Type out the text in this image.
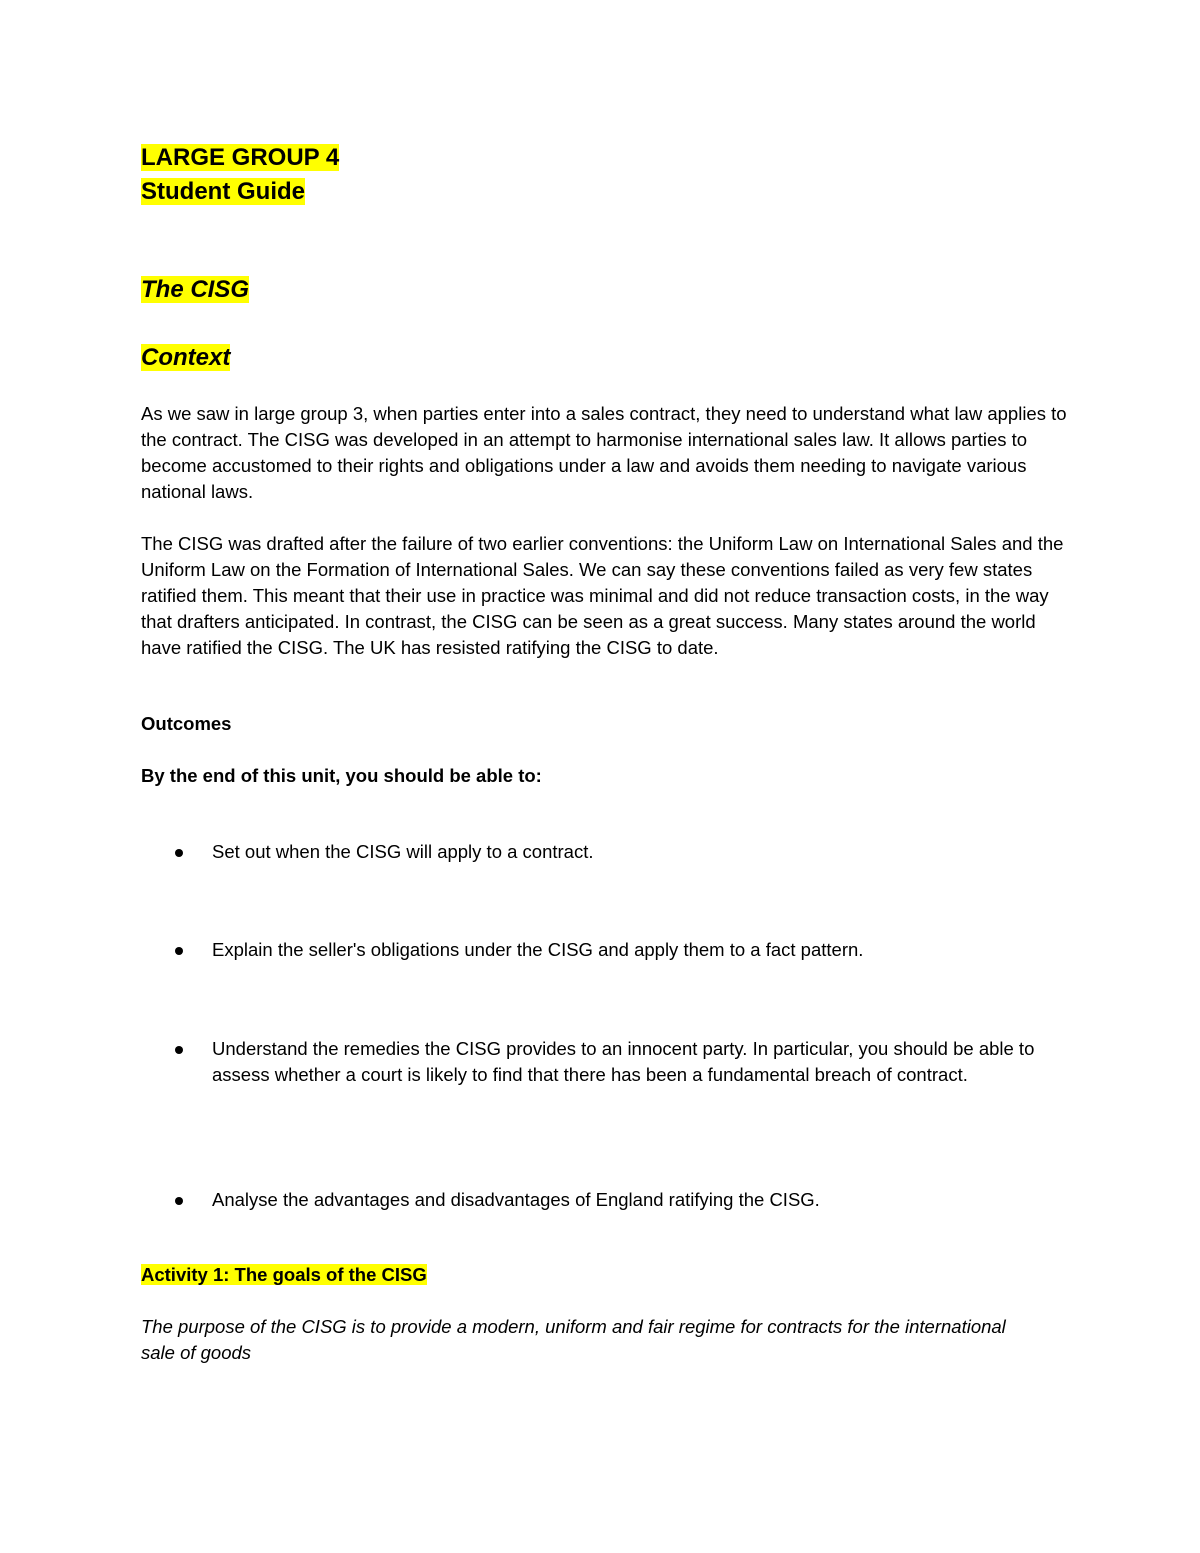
LARGE GROUP 4
Student Guide
The CISG
Context

As we saw in large group 3, when parties enter into a sales contract, they need to understand what law applies to the contract. The CISG was developed in an attempt to harmonise international sales law. It allows parties to become accustomed to their rights and obligations under a law and avoids them needing to navigate various national laws.

The CISG was drafted after the failure of two earlier conventions: the Uniform Law on International Sales and the Uniform Law on the Formation of International Sales. We can say these conventions failed as very few states ratified them. This meant that their use in practice was minimal and did not reduce transaction costs, in the way that drafters anticipated. In contrast, the CISG can be seen as a great success. Many states around the world have ratified the CISG. The UK has resisted ratifying the CISG to date.

Outcomes
By the end of this unit, you should be able to:
Set out when the CISG will apply to a contract.
Explain the seller's obligations under the CISG and apply them to a fact pattern.
Understand the remedies the CISG provides to an innocent party. In particular, you should be able to assess whether a court is likely to find that there has been a fundamental breach of contract.
Analyse the advantages and disadvantages of England ratifying the CISG.
Activity 1: The goals of the CISG

The purpose of the CISG is to provide a modern, uniform and fair regime for contracts for the international sale of goods
